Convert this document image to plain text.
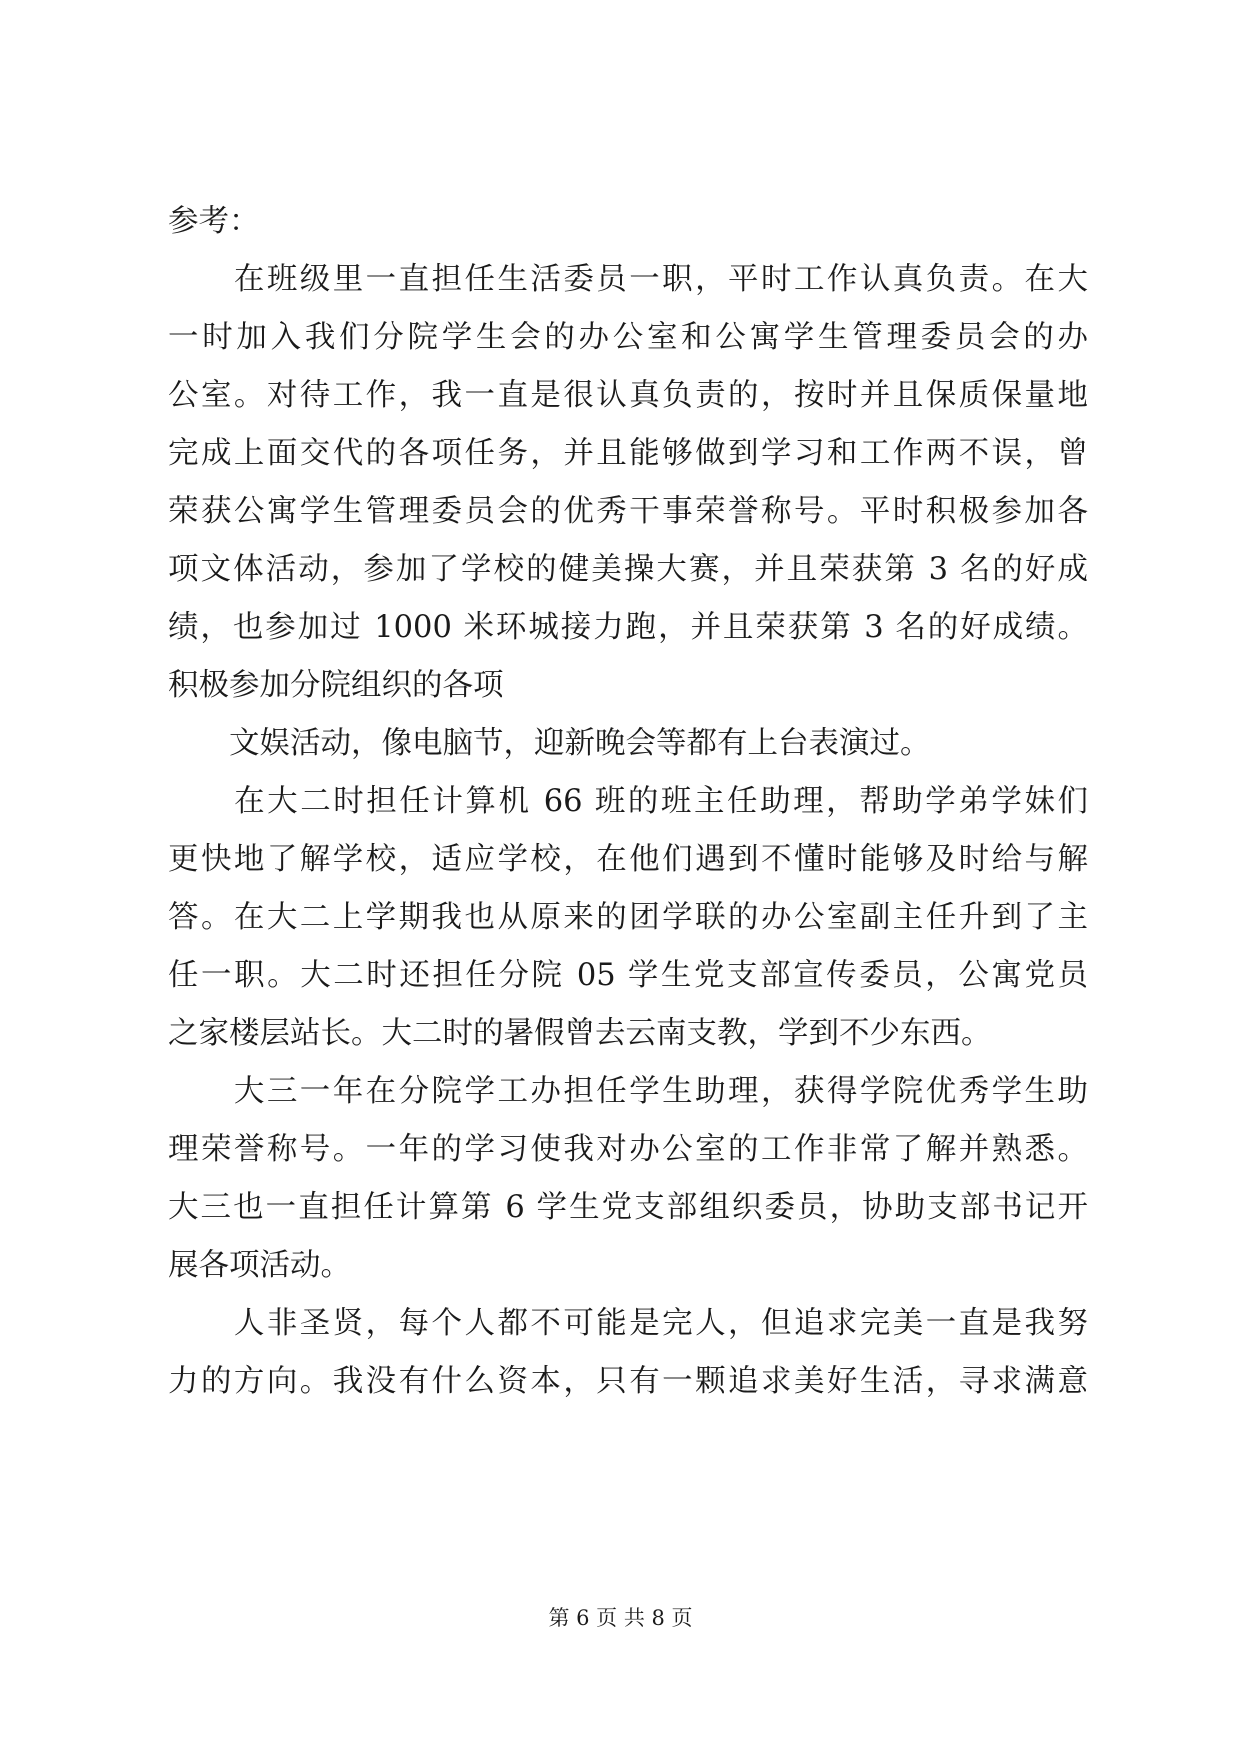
参考：
　　在班级里一直担任生活委员一职，平时工作认真负责。在大
一时加入我们分院学生会的办公室和公寓学生管理委员会的办
公室。对待工作，我一直是很认真负责的，按时并且保质保量地
完成上面交代的各项任务，并且能够做到学习和工作两不误，曾
荣获公寓学生管理委员会的优秀干事荣誉称号。平时积极参加各
项文体活动，参加了学校的健美操大赛，并且荣获第 3 名的好成
绩，也参加过 1000 米环城接力跑，并且荣获第 3 名的好成绩。
积极参加分院组织的各项
　　文娱活动，像电脑节，迎新晚会等都有上台表演过。
　　在大二时担任计算机 66 班的班主任助理，帮助学弟学妹们
更快地了解学校，适应学校，在他们遇到不懂时能够及时给与解
答。在大二上学期我也从原来的团学联的办公室副主任升到了主
任一职。大二时还担任分院 05 学生党支部宣传委员，公寓党员
之家楼层站长。大二时的暑假曾去云南支教，学到不少东西。
　　大三一年在分院学工办担任学生助理，获得学院优秀学生助
理荣誉称号。一年的学习使我对办公室的工作非常了解并熟悉。
大三也一直担任计算第 6 学生党支部组织委员，协助支部书记开
展各项活动。
　　人非圣贤，每个人都不可能是完人，但追求完美一直是我努
力的方向。我没有什么资本，只有一颗追求美好生活，寻求满意
第 6 页 共 8 页
